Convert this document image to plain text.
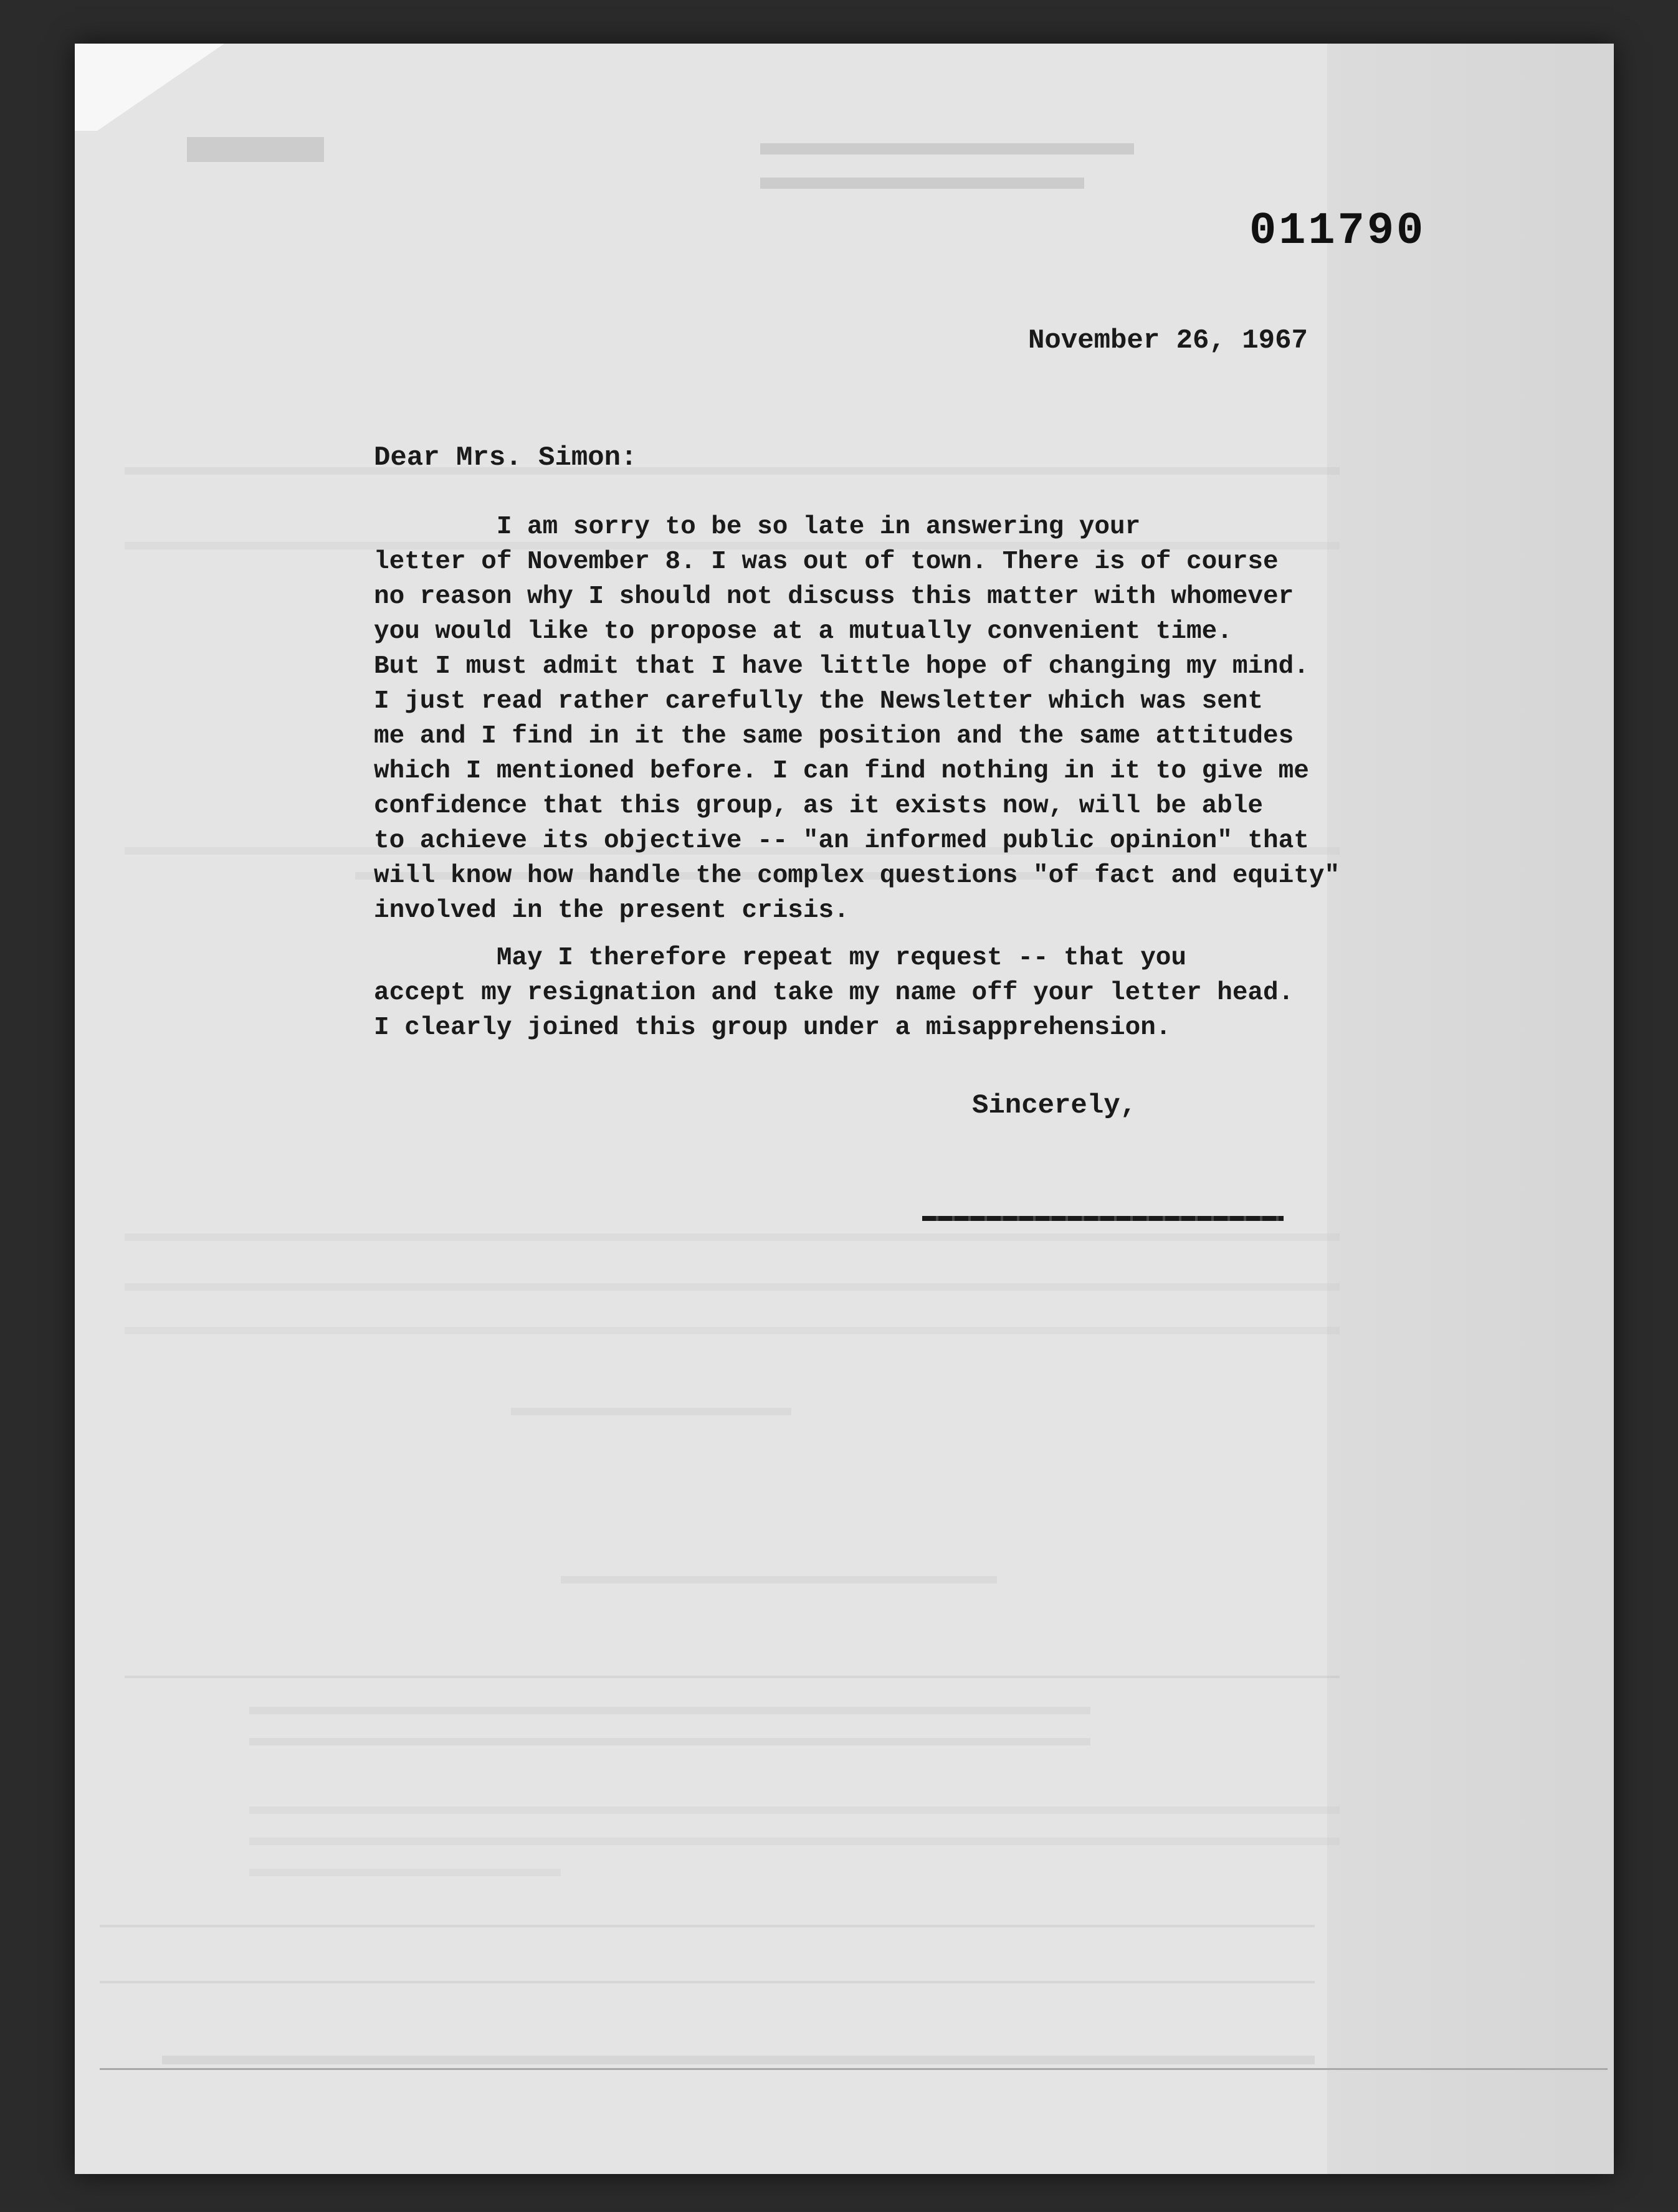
011790
November 26, 1967
Dear Mrs. Simon:
I am sorry to be so late in answering your
letter of November 8. I was out of town. There is of course
no reason why I should not discuss this matter with whomever
you would like to propose at a mutually convenient time.
But I must admit that I have little hope of changing my mind.
I just read rather carefully the Newsletter which was sent
me and I find in it the same position and the same attitudes
which I mentioned before. I can find nothing in it to give me
confidence that this group, as it exists now, will be able
to achieve its objective -- "an informed public opinion" that
will know how handle the complex questions "of fact and equity"
involved in the present crisis.
May I therefore repeat my request -- that you
accept my resignation and take my name off your letter head.
I clearly joined this group under a misapprehension.
Sincerely,
